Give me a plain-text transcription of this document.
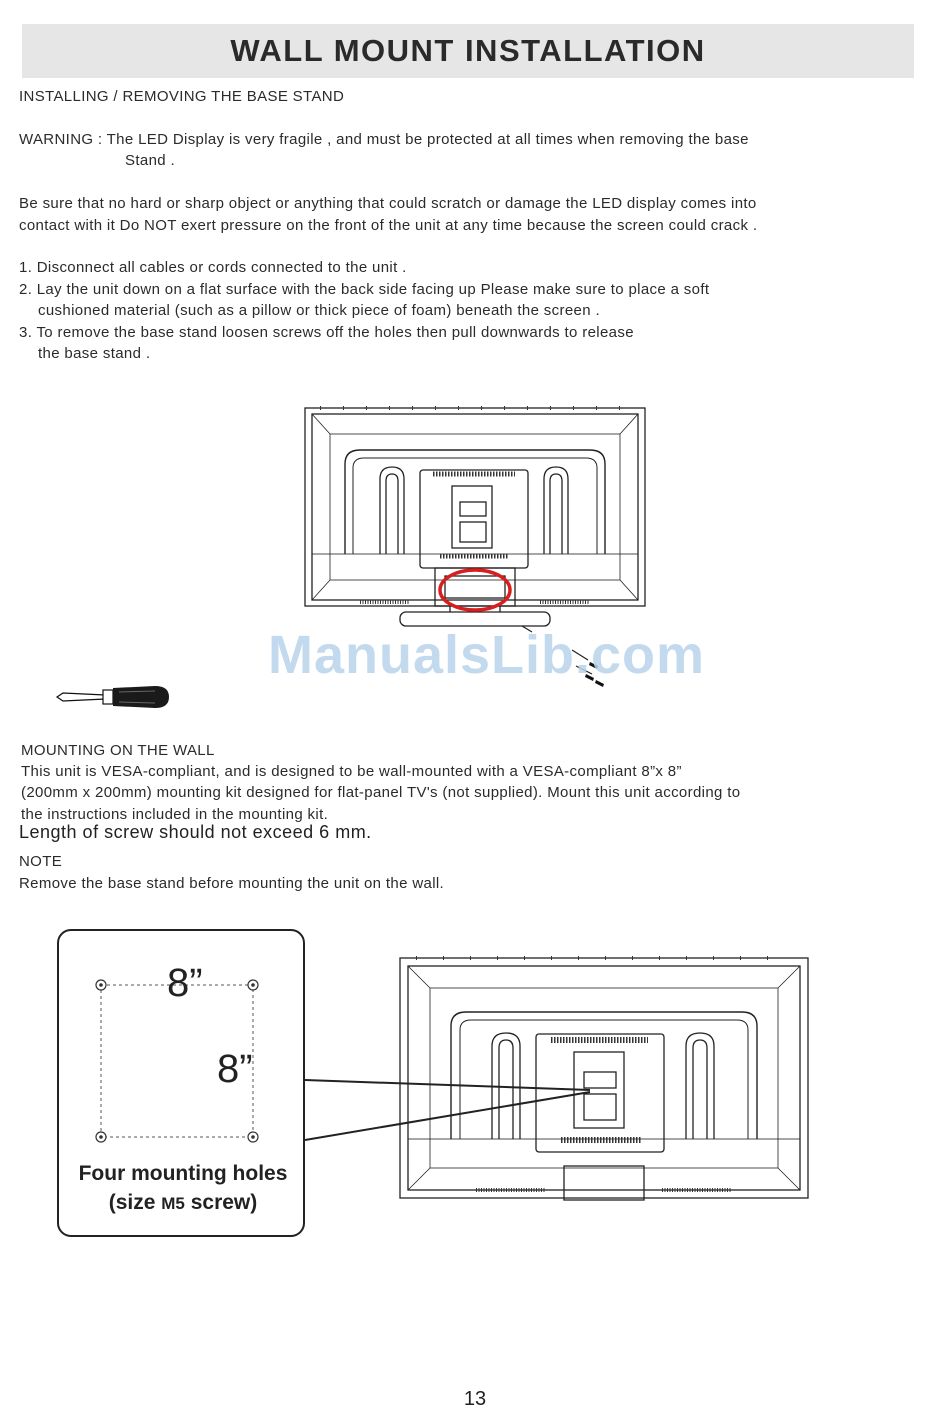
WALL MOUNT INSTALLATION

INSTALLING / REMOVING THE BASE STAND

WARNING : The LED Display is very fragile , and must be protected at all times when removing the base

Stand .

Be sure that no hard or sharp object or anything that could scratch or damage the LED display comes into

contact with it Do NOT exert pressure on the front of the unit at any time because the screen could crack .

1. Disconnect all cables or cords connected to the unit .

2. Lay the unit down on a flat surface with the back side facing up Please make sure to place a soft

cushioned material (such as a pillow or thick piece of foam) beneath the screen .

3. To remove the base stand loosen screws off the holes then pull downwards to release

the base stand .

ManualsLib.com

MOUNTING ON THE WALL

This unit is VESA-compliant, and is designed to be wall-mounted with a VESA-compliant 8”x 8”

(200mm x 200mm) mounting kit designed for flat-panel TV's (not supplied). Mount this unit according to

the instructions included in the mounting kit.

Length of screw should not exceed 6 mm.

NOTE

Remove the base stand before mounting the unit on the wall.

8”
8”
Four mounting holes
(size M5 screw)
13
